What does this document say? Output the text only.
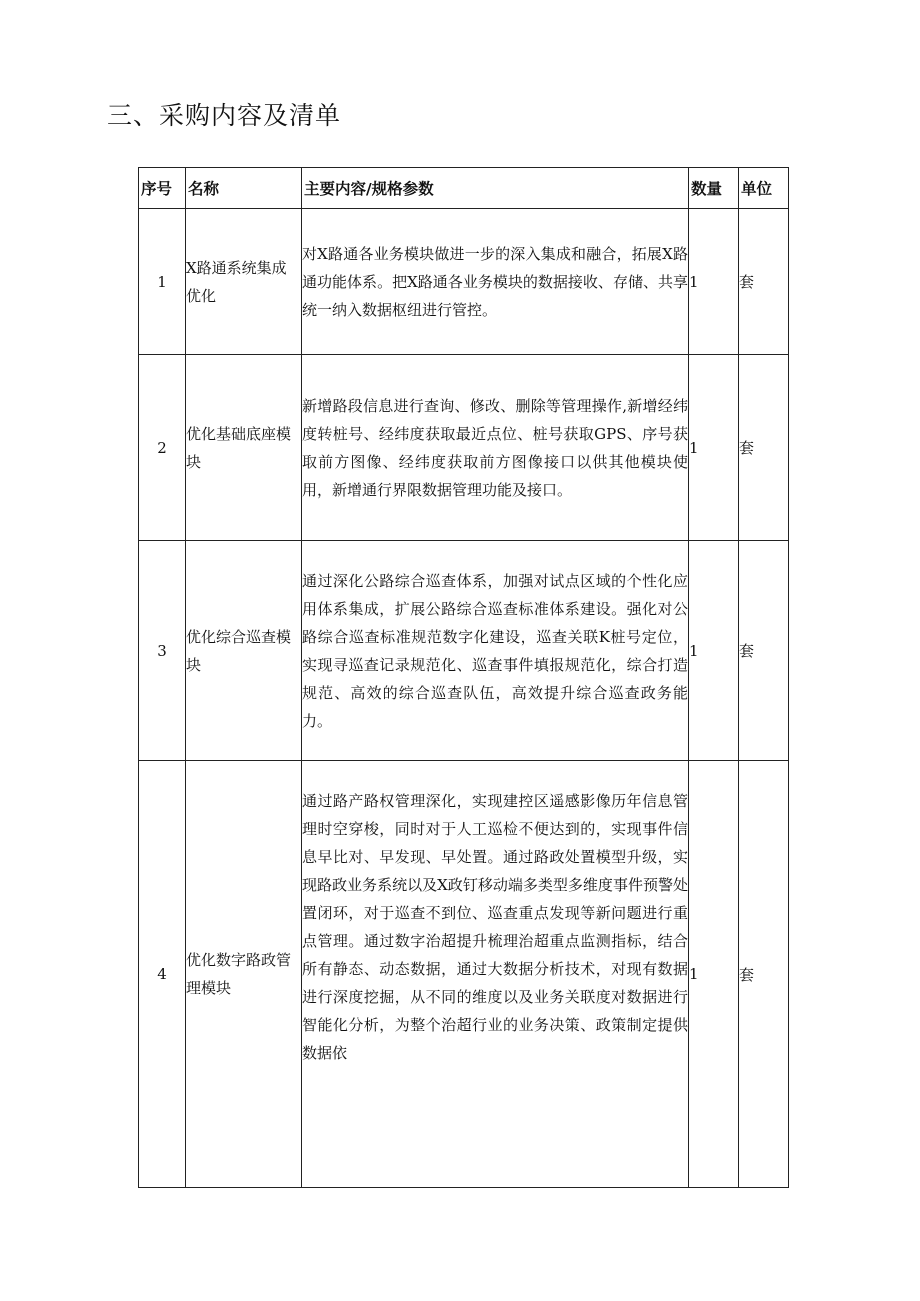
三、采购内容及清单
序号	名称	主要内容/规格参数	数量	单位
1	X路通系统集成优化	对X路通各业务模块做进一步的深入集成和融合，拓展X路通功能体系。把X路通各业务模块的数据接收、存储、共享统一纳入数据枢纽进行管控。	1	套
2	优化基础底座模块	新增路段信息进行查询、修改、删除等管理操作,新增经纬度转桩号、经纬度获取最近点位、桩号获取GPS、序号获取前方图像、经纬度获取前方图像接口以供其他模块使用，新增通行界限数据管理功能及接口。	1	套
3	优化综合巡查模块	通过深化公路综合巡查体系，加强对试点区域的个性化应用体系集成，扩展公路综合巡查标准体系建设。强化对公路综合巡查标准规范数字化建设，巡查关联K桩号定位，实现寻巡查记录规范化、巡查事件填报规范化，综合打造规范、高效的综合巡查队伍，高效提升综合巡查政务能力。	1	套
4	优化数字路政管理模块	通过路产路权管理深化，实现建控区遥感影像历年信息管理时空穿梭，同时对于人工巡检不便达到的，实现事件信息早比对、早发现、早处置。通过路政处置模型升级，实现路政业务系统以及X政钉移动端多类型多维度事件预警处置闭环，对于巡查不到位、巡查重点发现等新问题进行重点管理。通过数字治超提升梳理治超重点监测指标，结合所有静态、动态数据，通过大数据分析技术，对现有数据进行深度挖掘，从不同的维度以及业务关联度对数据进行智能化分析，为整个治超行业的业务决策、政策制定提供数据依	1	套
